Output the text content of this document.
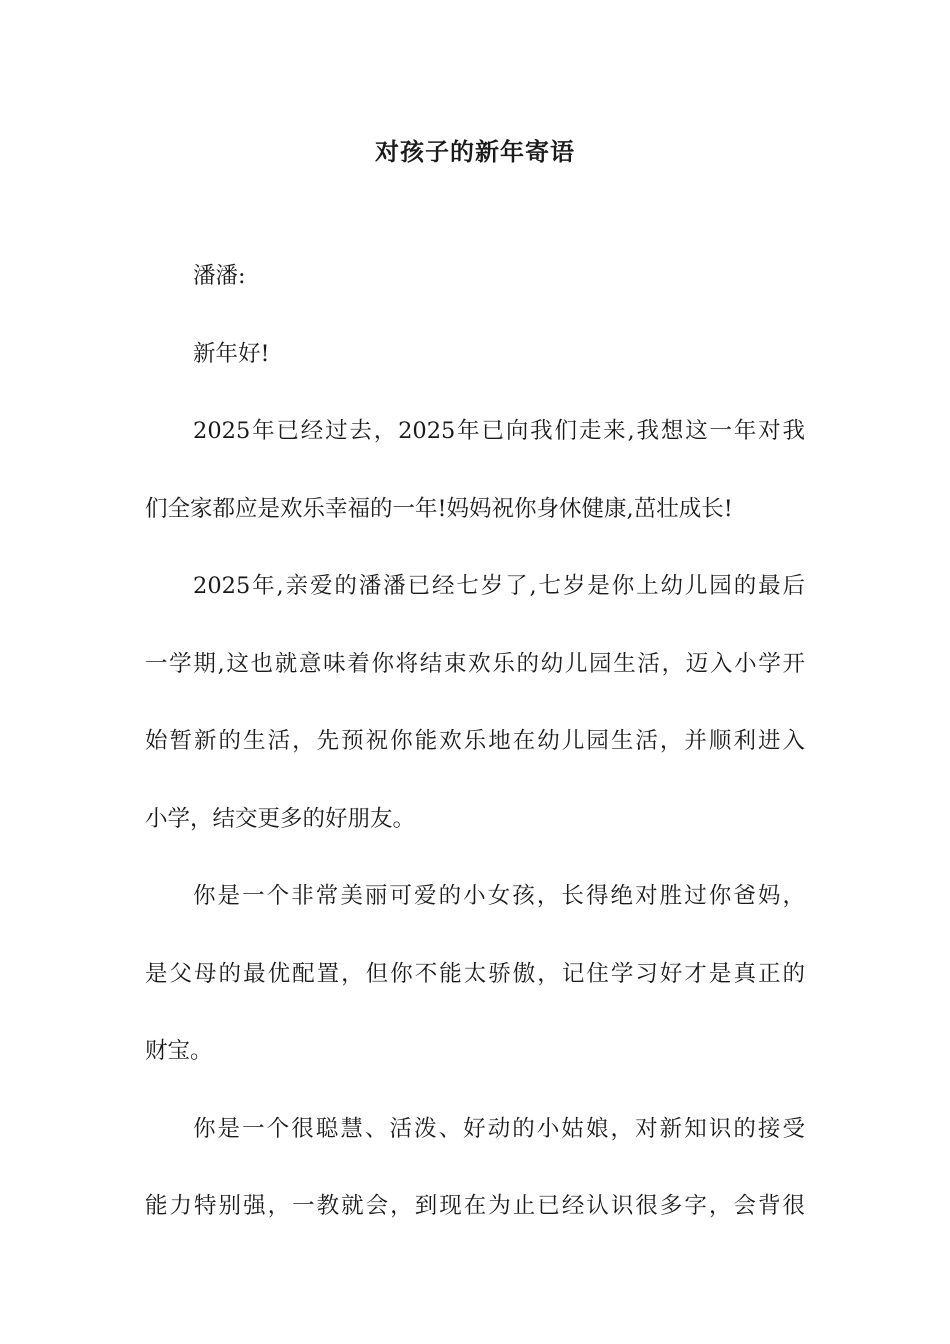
对孩子的新年寄语
潘潘:
新年好!
2025年已经过去，2025年已向我们走来,我想这一年对我
们全家都应是欢乐幸福的一年!妈妈祝你身休健康,茁壮成长!
2025年,亲爱的潘潘已经七岁了,七岁是你上幼儿园的最后
一学期,这也就意味着你将结束欢乐的幼儿园生活，迈入小学开
始暂新的生活，先预祝你能欢乐地在幼儿园生活，并顺利进入
小学，结交更多的好朋友。
你是一个非常美丽可爱的小女孩，长得绝对胜过你爸妈，
是父母的最优配置，但你不能太骄傲，记住学习好才是真正的
财宝。
你是一个很聪慧、活泼、好动的小姑娘，对新知识的接受
能力特别强，一教就会，到现在为止已经认识很多字，会背很
